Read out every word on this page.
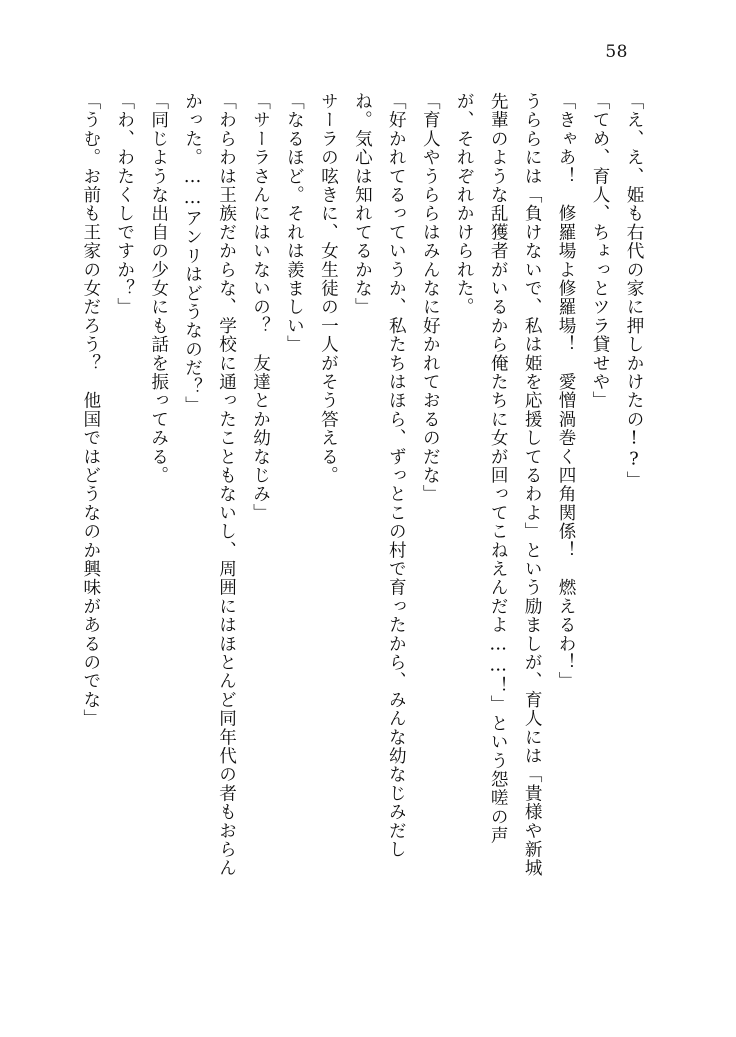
58

「え、え、姫も右代の家に押しかけたの!?」

「てめ、育人、ちょっとツラ貸せや」

「きゃあ！　修羅場よ修羅場！　愛憎渦巻く四角関係！　燃えるわ！」

うららには「負けないで、私は姫を応援してるわよ」という励ましが、育人には「貴様や新城先輩のような乱獲者がいるから俺たちに女が回ってこねえんだよ……！」という怨嗟の声が、それぞれかけられた。

「育人やうららはみんなに好かれておるのだな」

「好かれてるっていうか、私たちはほら、ずっとこの村で育ったから、みんな幼なじみだしね。気心は知れてるかな」

サーラの呟きに、女生徒の一人がそう答える。

「なるほど。それは羨ましい」

「サーラさんにはいないの？　友達とか幼なじみ」

「わらわは王族だからな、学校に通ったこともないし、周囲にはほとんど同年代の者もおらんかった。……アンリはどうなのだ？」

「同じような出自の少女にも話を振ってみる。

「わ、わたくしですか？」

「うむ。お前も王家の女だろう？　他国ではどうなのか興味があるのでな」
